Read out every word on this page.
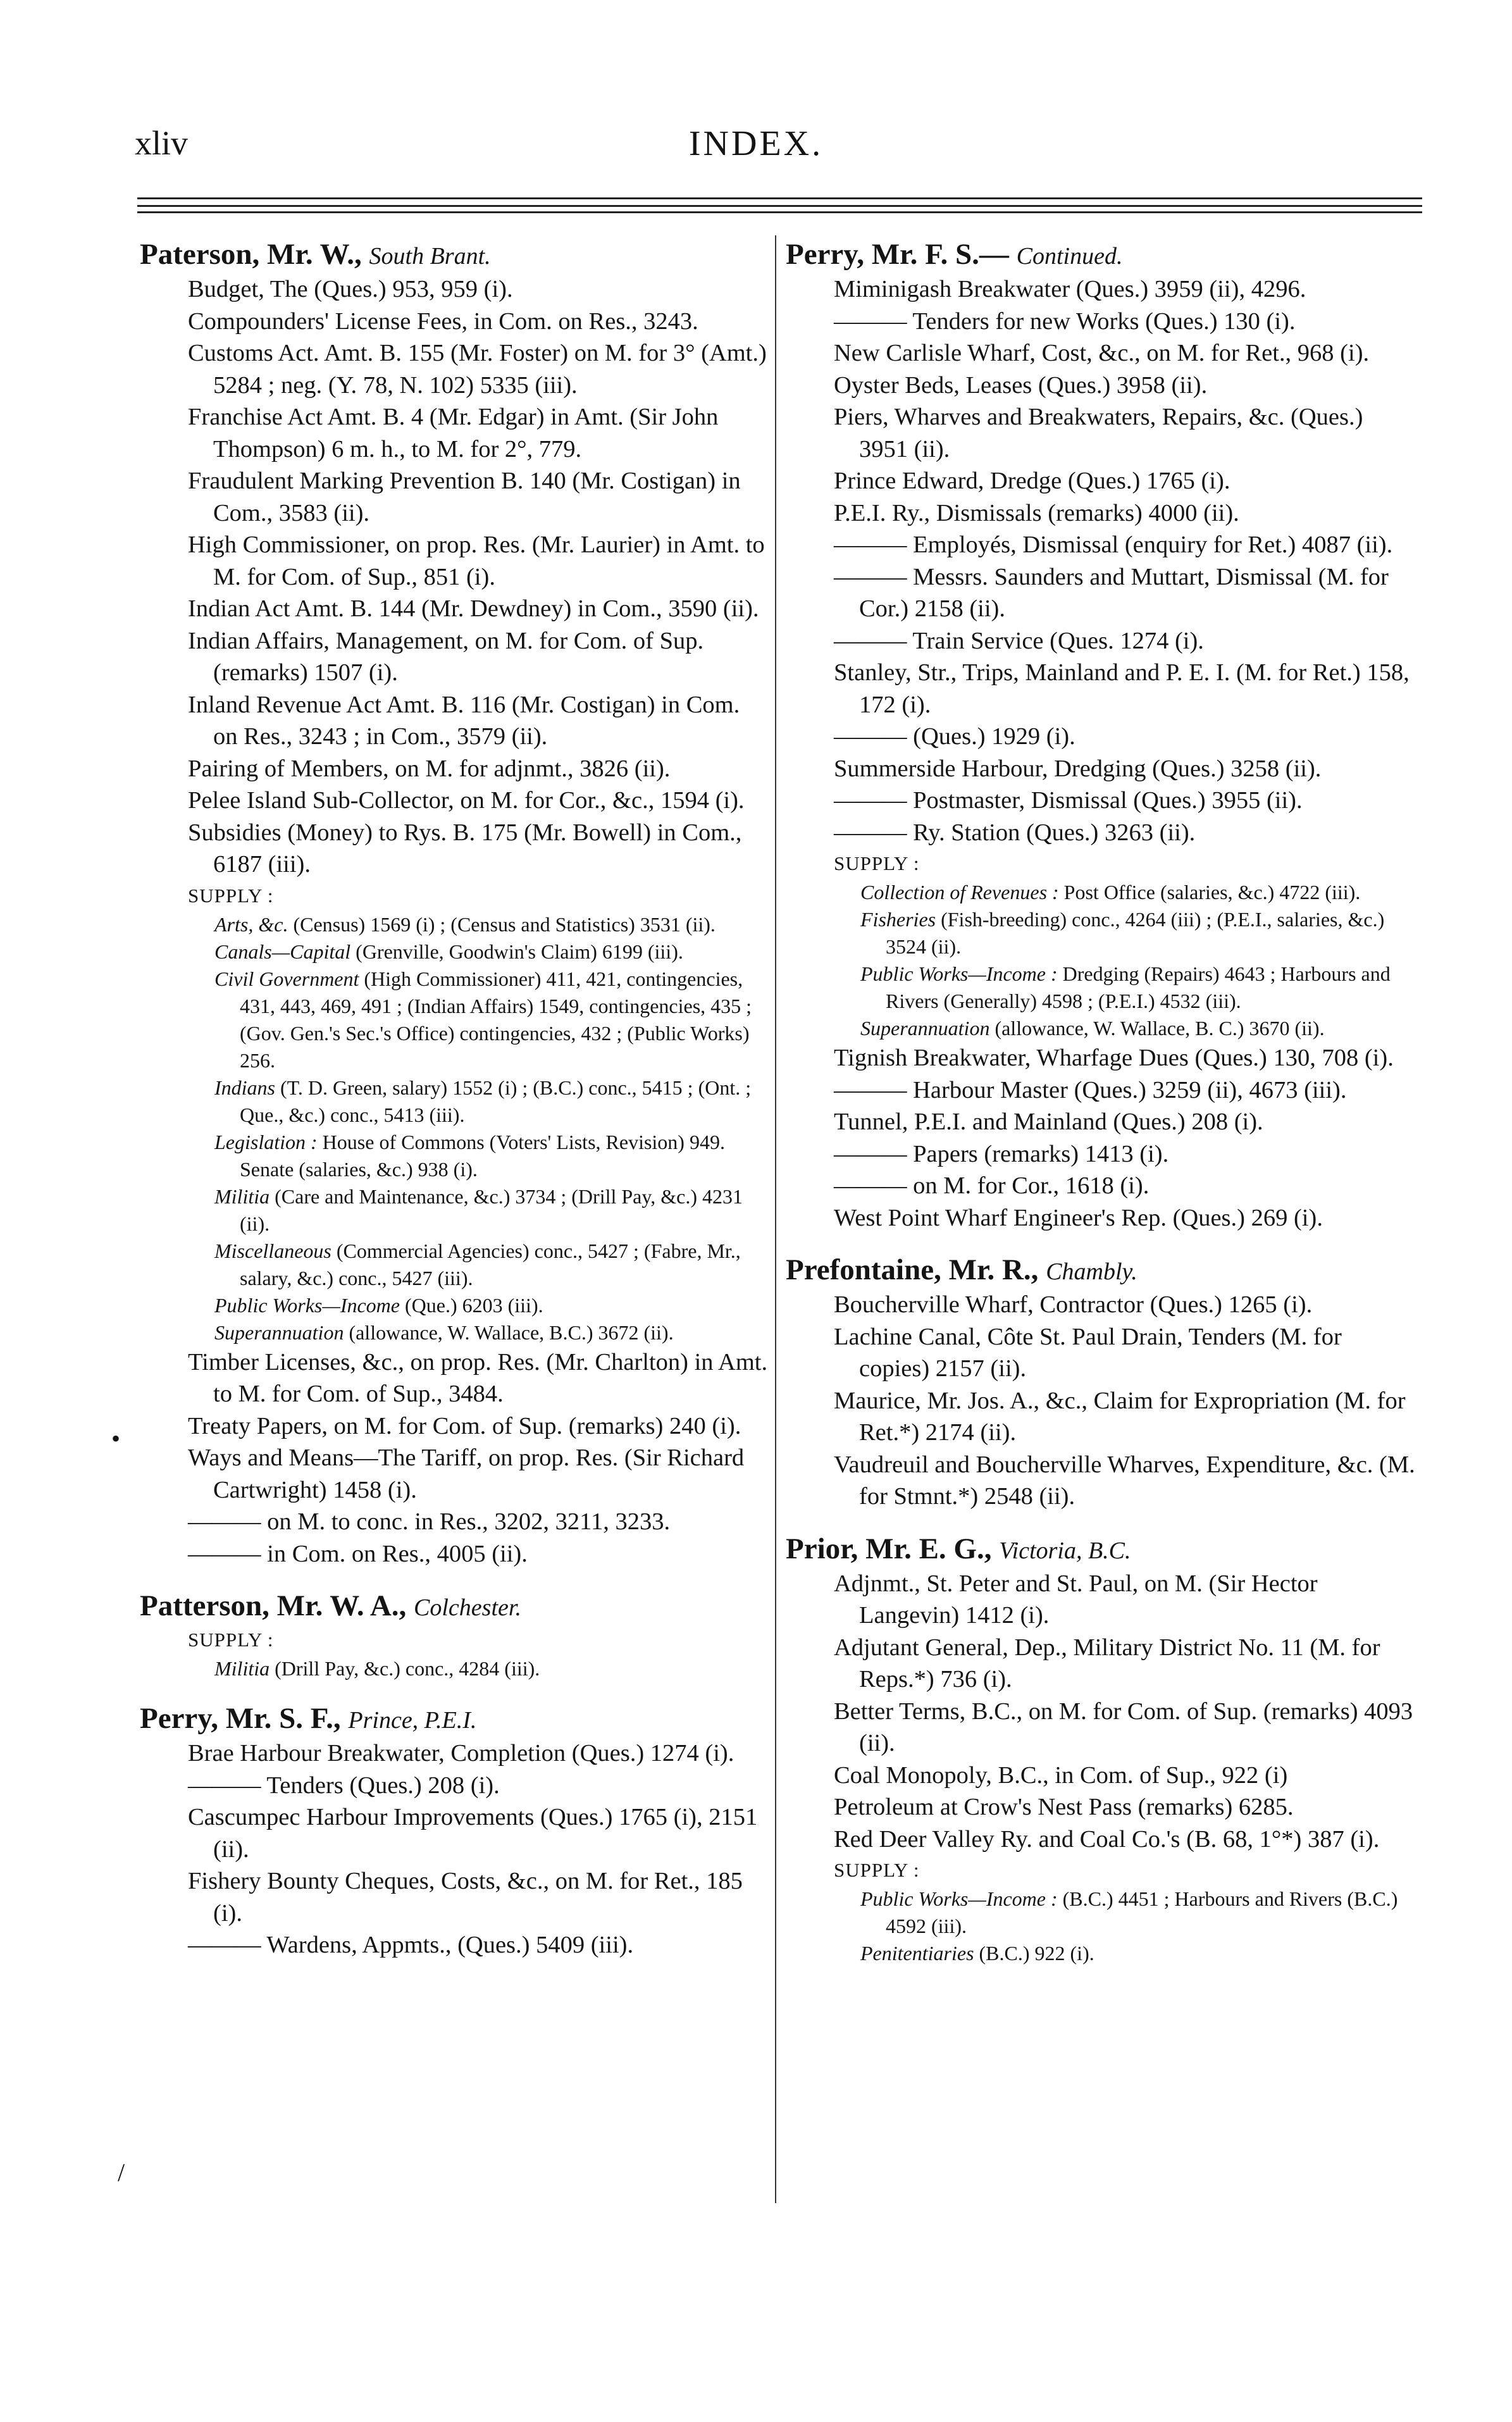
xliv	INDEX.
Paterson, Mr. W., South Brant.
Budget, The (Ques.) 953, 959 (i).
Compounders' License Fees, in Com. on Res., 3243.
Customs Act. Amt. B. 155 (Mr. Foster) on M. for 3° (Amt.) 5284 ; neg. (Y. 78, N. 102) 5335 (iii).
Franchise Act Amt. B. 4 (Mr. Edgar) in Amt. (Sir John Thompson) 6 m. h., to M. for 2°, 779.
Fraudulent Marking Prevention B. 140 (Mr. Costigan) in Com., 3583 (ii).
High Commissioner, on prop. Res. (Mr. Laurier) in Amt. to M. for Com. of Sup., 851 (i).
Indian Act Amt. B. 144 (Mr. Dewdney) in Com., 3590 (ii).
Indian Affairs, Management, on M. for Com. of Sup. (remarks) 1507 (i).
Inland Revenue Act Amt. B. 116 (Mr. Costigan) in Com. on Res., 3243 ; in Com., 3579 (ii).
Pairing of Members, on M. for adjnmt., 3826 (ii).
Pelee Island Sub-Collector, on M. for Cor., &c., 1594 (i).
Subsidies (Money) to Rys. B. 175 (Mr. Bowell) in Com., 6187 (iii).
SUPPLY :
Arts, &c. (Census) 1569 (i) ; (Census and Statistics) 3531 (ii).
Canals—Capital (Grenville, Goodwin's Claim) 6199 (iii).
Civil Government (High Commissioner) 411, 421, contingencies, 431, 443, 469, 491 ; (Indian Affairs) 1549, contingencies, 435 ; (Gov. Gen.'s Sec.'s Office) contingencies, 432 ; (Public Works) 256.
Indians (T. D. Green, salary) 1552 (i) ; (B.C.) conc., 5415 ; (Ont. ; Que., &c.) conc., 5413 (iii).
Legislation : House of Commons (Voters' Lists, Revision) 949. Senate (salaries, &c.) 938 (i).
Militia (Care and Maintenance, &c.) 3734 ; (Drill Pay, &c.) 4231 (ii).
Miscellaneous (Commercial Agencies) conc., 5427 ; (Fabre, Mr., salary, &c.) conc., 5427 (iii).
Public Works—Income (Que.) 6203 (iii).
Superannuation (allowance, W. Wallace, B.C.) 3672 (ii).
Timber Licenses, &c., on prop. Res. (Mr. Charlton) in Amt. to M. for Com. of Sup., 3484.
Treaty Papers, on M. for Com. of Sup. (remarks) 240 (i).
Ways and Means—The Tariff, on prop. Res. (Sir Richard Cartwright) 1458 (i).
——— on M. to conc. in Res., 3202, 3211, 3233.
——— in Com. on Res., 4005 (ii).
Patterson, Mr. W. A., Colchester.
SUPPLY :
Militia (Drill Pay, &c.) conc., 4284 (iii).
Perry, Mr. S. F., Prince, P.E.I.
Brae Harbour Breakwater, Completion (Ques.) 1274 (i).
——— Tenders (Ques.) 208 (i).
Cascumpec Harbour Improvements (Ques.) 1765 (i), 2151 (ii).
Fishery Bounty Cheques, Costs, &c., on M. for Ret., 185 (i).
——— Wardens, Appmts., (Ques.) 5409 (iii).
Perry, Mr. F. S.— Continued.
Miminigash Breakwater (Ques.) 3959 (ii), 4296.
——— Tenders for new Works (Ques.) 130 (i).
New Carlisle Wharf, Cost, &c., on M. for Ret., 968 (i).
Oyster Beds, Leases (Ques.) 3958 (ii).
Piers, Wharves and Breakwaters, Repairs, &c. (Ques.) 3951 (ii).
Prince Edward, Dredge (Ques.) 1765 (i).
P.E.I. Ry., Dismissals (remarks) 4000 (ii).
——— Employés, Dismissal (enquiry for Ret.) 4087 (ii).
——— Messrs. Saunders and Muttart, Dismissal (M. for Cor.) 2158 (ii).
——— Train Service (Ques. 1274 (i).
Stanley, Str., Trips, Mainland and P. E. I. (M. for Ret.) 158, 172 (i).
——— (Ques.) 1929 (i).
Summerside Harbour, Dredging (Ques.) 3258 (ii).
——— Postmaster, Dismissal (Ques.) 3955 (ii).
——— Ry. Station (Ques.) 3263 (ii).
SUPPLY :
Collection of Revenues : Post Office (salaries, &c.) 4722 (iii).
Fisheries (Fish-breeding) conc., 4264 (iii) ; (P.E.I., salaries, &c.) 3524 (ii).
Public Works—Income : Dredging (Repairs) 4643 ; Harbours and Rivers (Generally) 4598 ; (P.E.I.) 4532 (iii).
Superannuation (allowance, W. Wallace, B. C.) 3670 (ii).
Tignish Breakwater, Wharfage Dues (Ques.) 130, 708 (i).
——— Harbour Master (Ques.) 3259 (ii), 4673 (iii).
Tunnel, P.E.I. and Mainland (Ques.) 208 (i).
——— Papers (remarks) 1413 (i).
——— on M. for Cor., 1618 (i).
West Point Wharf Engineer's Rep. (Ques.) 269 (i).
Prefontaine, Mr. R., Chambly.
Boucherville Wharf, Contractor (Ques.) 1265 (i).
Lachine Canal, Côte St. Paul Drain, Tenders (M. for copies) 2157 (ii).
Maurice, Mr. Jos. A., &c., Claim for Expropriation (M. for Ret.*) 2174 (ii).
Vaudreuil and Boucherville Wharves, Expenditure, &c. (M. for Stmnt.*) 2548 (ii).
Prior, Mr. E. G., Victoria, B.C.
Adjnmt., St. Peter and St. Paul, on M. (Sir Hector Langevin) 1412 (i).
Adjutant General, Dep., Military District No. 11 (M. for Reps.*) 736 (i).
Better Terms, B.C., on M. for Com. of Sup. (remarks) 4093 (ii).
Coal Monopoly, B.C., in Com. of Sup., 922 (i)
Petroleum at Crow's Nest Pass (remarks) 6285.
Red Deer Valley Ry. and Coal Co.'s (B. 68, 1°*) 387 (i).
SUPPLY :
Public Works—Income : (B.C.) 4451 ; Harbours and Rivers (B.C.) 4592 (iii).
Penitentiaries (B.C.) 922 (i).
•
/
